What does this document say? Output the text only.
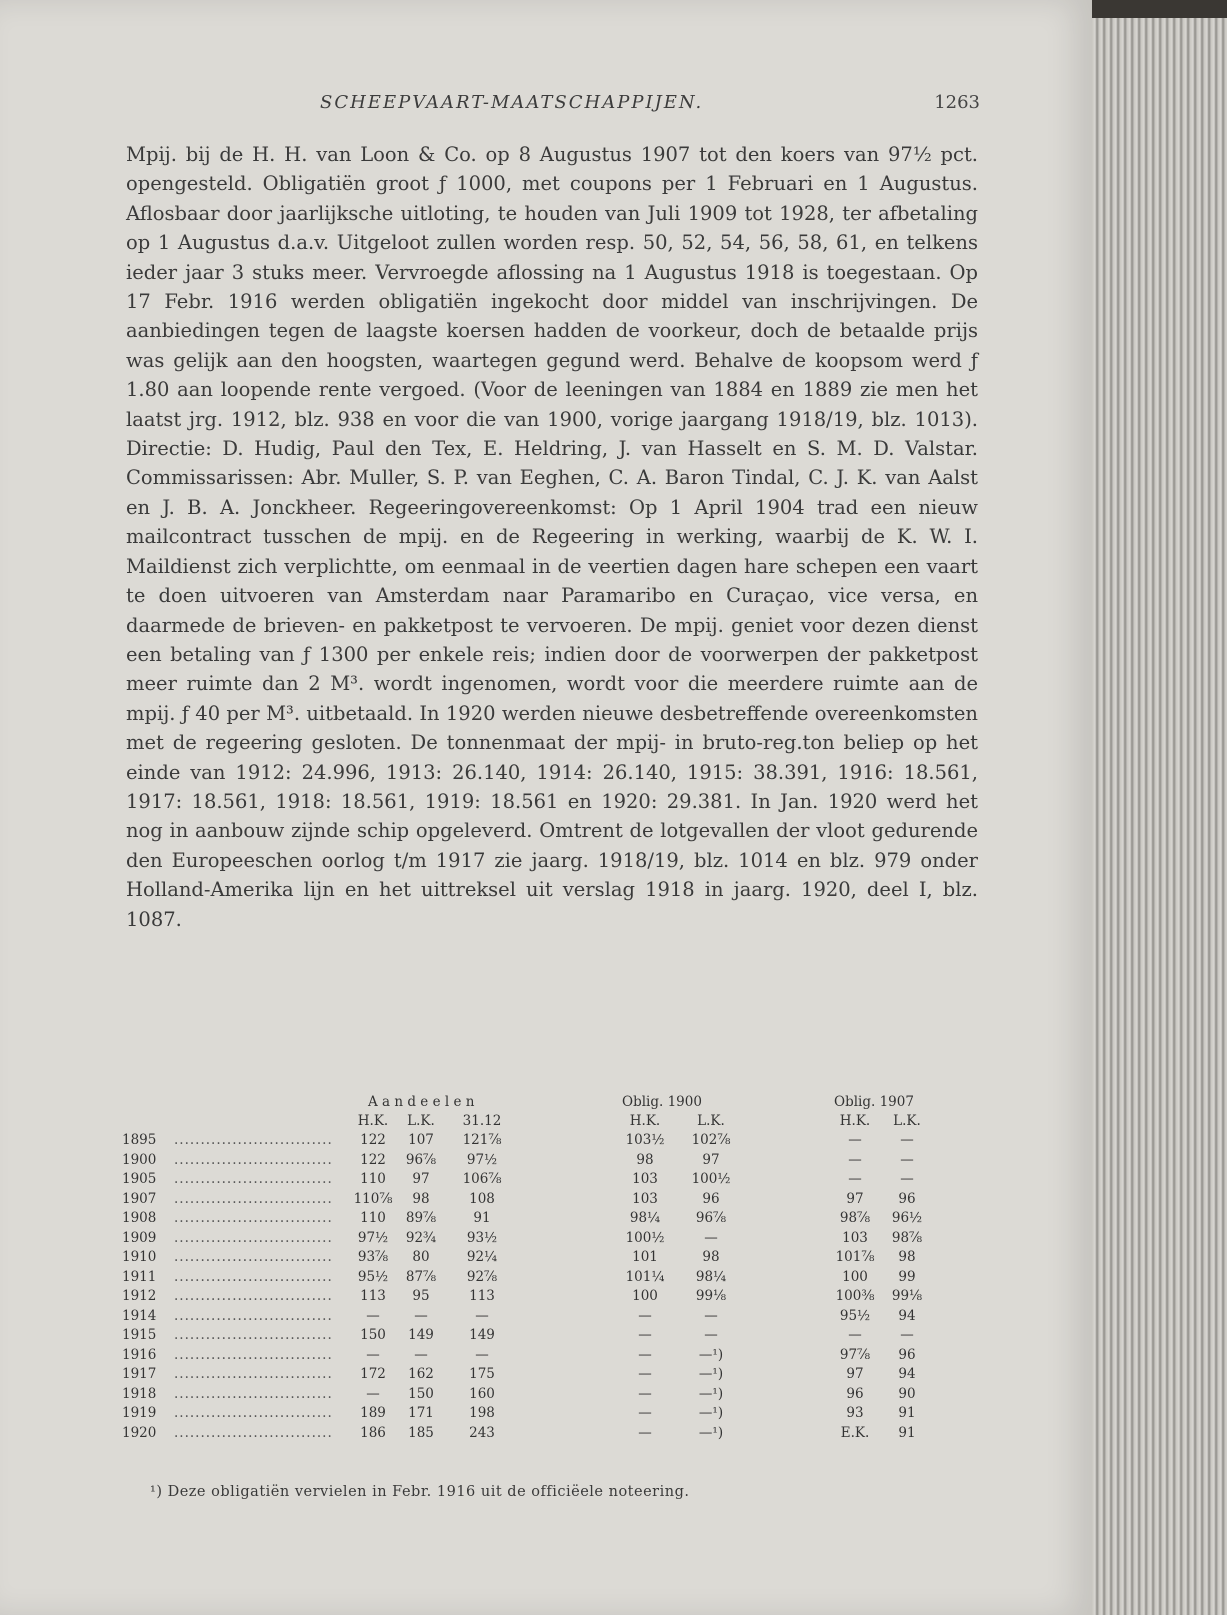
SCHEEPVAART-MAATSCHAPPIJEN.	1263

Mpij. bij de H. H. van Loon & Co. op 8 Augustus 1907 tot den koers van 97½ pct. opengesteld. Obligatiën groot ƒ 1000, met coupons per 1 Februari en 1 Augustus. Aflosbaar door jaarlijksche uitloting, te houden van Juli 1909 tot 1928, ter afbetaling op 1 Augustus d.a.v. Uitgeloot zullen worden resp. 50, 52, 54, 56, 58, 61, en telkens ieder jaar 3 stuks meer. Vervroegde aflossing na 1 Augustus 1918 is toegestaan. Op 17 Febr. 1916 werden obligatiën ingekocht door middel van inschrijvingen. De aanbiedingen tegen de laagste koersen hadden de voorkeur, doch de betaalde prijs was gelijk aan den hoogsten, waartegen gegund werd. Behalve de koopsom werd ƒ 1.80 aan loopende rente vergoed. (Voor de leeningen van 1884 en 1889 zie men het laatst jrg. 1912, blz. 938 en voor die van 1900, vorige jaargang 1918/19, blz. 1013). Directie: D. Hudig, Paul den Tex, E. Heldring, J. van Hasselt en S. M. D. Valstar. Commissarissen: Abr. Muller, S. P. van Eeghen, C. A. Baron Tindal, C. J. K. van Aalst en J. B. A. Jonckheer. Regeeringovereenkomst: Op 1 April 1904 trad een nieuw mailcontract tusschen de mpij. en de Regeering in werking, waarbij de K. W. I. Maildienst zich verplichtte, om eenmaal in de veertien dagen hare schepen een vaart te doen uitvoeren van Amsterdam naar Paramaribo en Curaçao, vice versa, en daarmede de brieven- en pakketpost te vervoeren. De mpij. geniet voor dezen dienst een betaling van ƒ 1300 per enkele reis; indien door de voorwerpen der pakketpost meer ruimte dan 2 M³. wordt ingenomen, wordt voor die meerdere ruimte aan de mpij. ƒ 40 per M³. uitbetaald. In 1920 werden nieuwe desbetreffende overeenkomsten met de regeering gesloten. De tonnenmaat der mpij- in bruto-reg.ton beliep op het einde van 1912: 24.996, 1913: 26.140, 1914: 26.140, 1915: 38.391, 1916: 18.561, 1917: 18.561, 1918: 18.561, 1919: 18.561 en 1920: 29.381. In Jan. 1920 werd het nog in aanbouw zijnde schip opgeleverd. Omtrent de lotgevallen der vloot gedurende den Europeeschen oorlog t/m 1917 zie jaarg. 1918/19, blz. 1014 en blz. 979 onder Holland-Amerika lijn en het uittreksel uit verslag 1918 in jaarg. 1920, deel I, blz. 1087.

A a n d e e l e n	Oblig. 1900	Oblig. 1907
H.K.	L.K.	31.12	H.K.	L.K.	H.K.	L.K.
1895 ..............................	122	107	121⅞	103½	102⅞	—	—
1900 ..............................	122	96⅞	97½	98	97	—	—
1905 ..............................	110	97	106⅞	103	100½	—	—
1907 .............................. 110⅞	98	108	103	96	97	96
1908 ..............................	110	89⅞	91	98¼	96⅞	98⅞	96½
1909 ..............................	97½	92¾	93½	100½	—	103	98⅞
1910 ..............................	93⅞	80	92¼	101	98	101⅞	98
1911 ..............................	95½	87⅞	92⅞	101¼	98¼	100	99
1912 ..............................	113	95	113	100	99⅛	100⅜	99⅛
1914 ..............................	—	—	—	—	—	95½	94
1915 ..............................	150	149	149	—	—	—	—
1916 ..............................	—	—	—	—	—¹)	97⅞	96
1917 ..............................	172	162	175	—	—¹)	97	94
1918 ..............................	—	150	160	—	—¹)	96	90
1919 ..............................	189	171	198	—	—¹)	93	91
1920 ..............................	186	185	243	—	—¹)	E.K.	91
¹) Deze obligatiën vervielen in Febr. 1916 uit de officiëele noteering.
